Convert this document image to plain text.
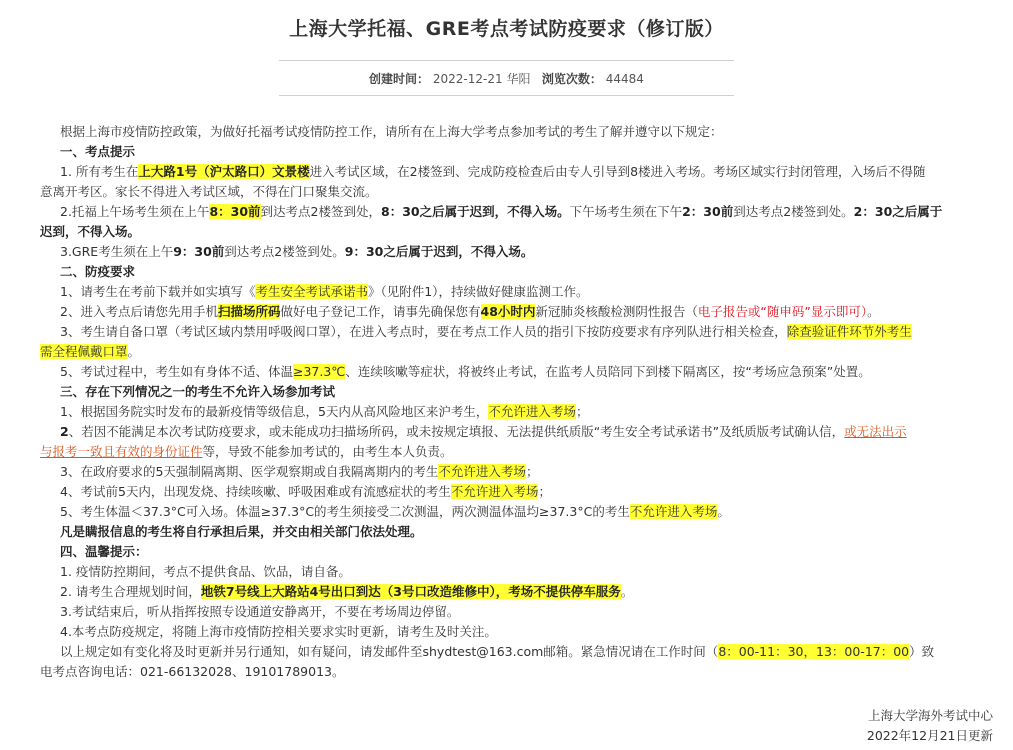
上海大学托福、GRE考点考试防疫要求（修订版）
创建时间： 2022-12-21 华阳 浏览次数： 44484
根据上海市疫情防控政策，为做好托福考试疫情防控工作，请所有在上海大学考点参加考试的考生了解并遵守以下规定：
一、考点提示
1. 所有考生在上大路1号（沪太路口）文景楼进入考试区域，在2楼签到、完成防疫检查后由专人引导到8楼进入考场。考场区域实行封闭管理，入场后不得随
意离开考区。家长不得进入考试区域，不得在门口聚集交流。
2.托福上午场考生须在上午8：30前到达考点2楼签到处，8：30之后属于迟到，不得入场。下午场考生须在下午2：30前到达考点2楼签到处。2：30之后属于
迟到，不得入场。
3.GRE考生须在上午9：30前到达考点2楼签到处。9：30之后属于迟到，不得入场。
二、防疫要求
1、请考生在考前下载并如实填写《考生安全考试承诺书》（见附件1），持续做好健康监测工作。
2、进入考点后请您先用手机扫描场所码做好电子登记工作，请事先确保您有48小时内新冠肺炎核酸检测阴性报告（电子报告或“随申码”显示即可）。
3、考生请自备口罩（考试区域内禁用呼吸阀口罩），在进入考点时，要在考点工作人员的指引下按防疫要求有序列队进行相关检查，除查验证件环节外考生
需全程佩戴口罩。
5、考试过程中，考生如有身体不适、体温≥37.3℃、连续咳嗽等症状，将被终止考试，在监考人员陪同下到楼下隔离区，按“考场应急预案”处置。
三、存在下列情况之一的考生不允许入场参加考试
1、根据国务院实时发布的最新疫情等级信息，5天内从高风险地区来沪考生，不允许进入考场；
2、若因不能满足本次考试防疫要求，或未能成功扫描场所码，或未按规定填报、无法提供纸质版“考生安全考试承诺书”及纸质版考试确认信，或无法出示
与报考一致且有效的身份证件等，导致不能参加考试的，由考生本人负责。
3、在政府要求的5天强制隔离期、医学观察期或自我隔离期内的考生不允许进入考场；
4、考试前5天内，出现发烧、持续咳嗽、呼吸困难或有流感症状的考生不允许进入考场；
5、考生体温＜37.3°C可入场。体温≥37.3°C的考生须接受二次测温，两次测温体温均≥37.3°C的考生不允许进入考场。
凡是瞒报信息的考生将自行承担后果，并交由相关部门依法处理。
四、温馨提示：
1. 疫情防控期间，考点不提供食品、饮品，请自备。
2. 请考生合理规划时间，地铁7号线上大路站4号出口到达（3号口改造维修中），考场不提供停车服务。
3.考试结束后，听从指挥按照专设通道安静离开，不要在考场周边停留。
4.本考点防疫规定，将随上海市疫情防控相关要求实时更新，请考生及时关注。
以上规定如有变化将及时更新并另行通知，如有疑问，请发邮件至shydtest@163.com邮箱。紧急情况请在工作时间（8：00-11：30，13：00-17：00）致
电考点咨询电话：021-66132028、19101789013。
上海大学海外考试中心
2022年12月21日更新
